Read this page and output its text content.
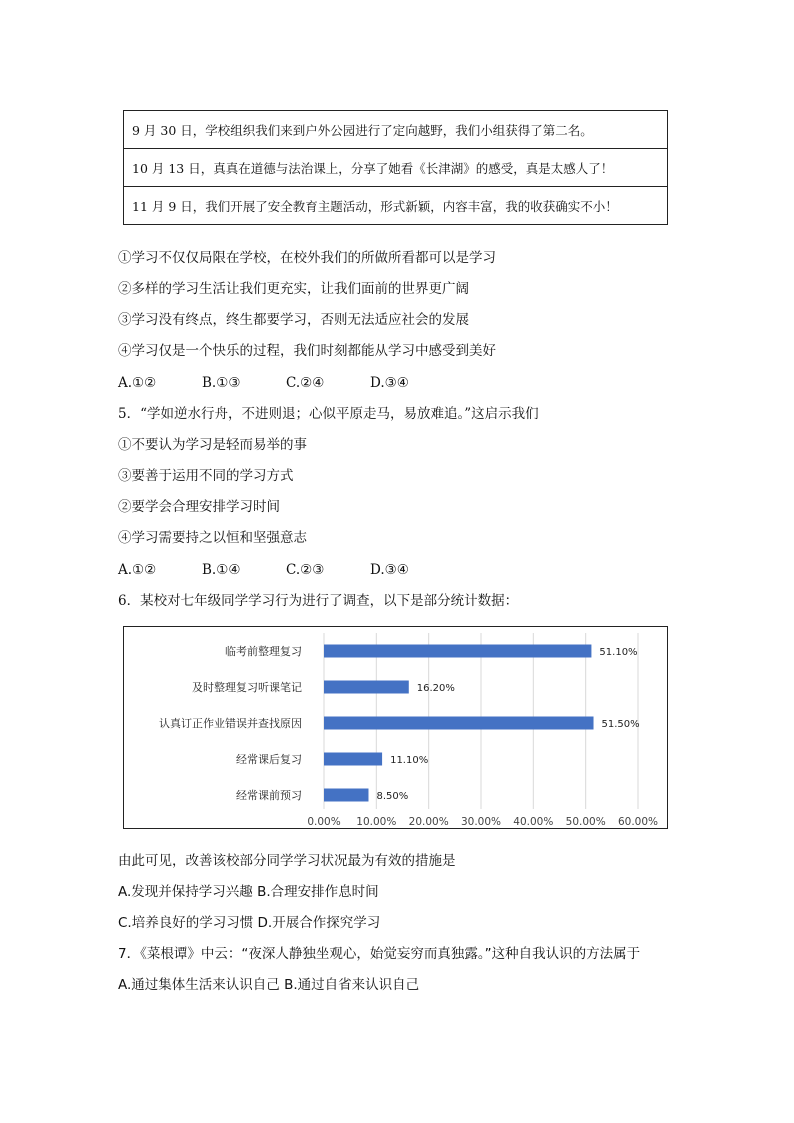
9 月 30 日，学校组织我们来到户外公园进行了定向越野，我们小组获得了第二名。
10 月 13 日，真真在道德与法治课上，分享了她看《长津湖》的感受，真是太感人了！
11 月 9 日，我们开展了安全教育主题活动，形式新颖，内容丰富，我的收获确实不小！
①学习不仅仅局限在学校，在校外我们的所做所看都可以是学习
②多样的学习生活让我们更充实，让我们面前的世界更广阔
③学习没有终点，终生都要学习，否则无法适应社会的发展
④学习仅是一个快乐的过程，我们时刻都能从学习中感受到美好
A.①②	B.①③	C.②④	D.③④
5．“学如逆水行舟，不进则退；心似平原走马，易放难追。”这启示我们
①不要认为学习是轻而易举的事
③要善于运用不同的学习方式
②要学会合理安排学习时间
④学习需要持之以恒和坚强意志
A.①②	B.①④	C.②③	D.③④
6．某校对七年级同学学习行为进行了调查，以下是部分统计数据：
0.00% 10.00% 20.00% 30.00% 40.00% 50.00% 60.00%
临考前整理复习	51.10%
及时整理复习听课笔记	16.20%
认真订正作业错误并查找原因	51.50%
经常课后复习	11.10%
经常课前预习	8.50%
由此可见，改善该校部分同学学习状况最为有效的措施是
A.发现并保持学习兴趣 B.合理安排作息时间
C.培养良好的学习习惯 D.开展合作探究学习
7．《菜根谭》中云：“夜深人静独坐观心，始觉妄穷而真独露。”这种自我认识的方法属于
A.通过集体生活来认识自己 B.通过自省来认识自己
